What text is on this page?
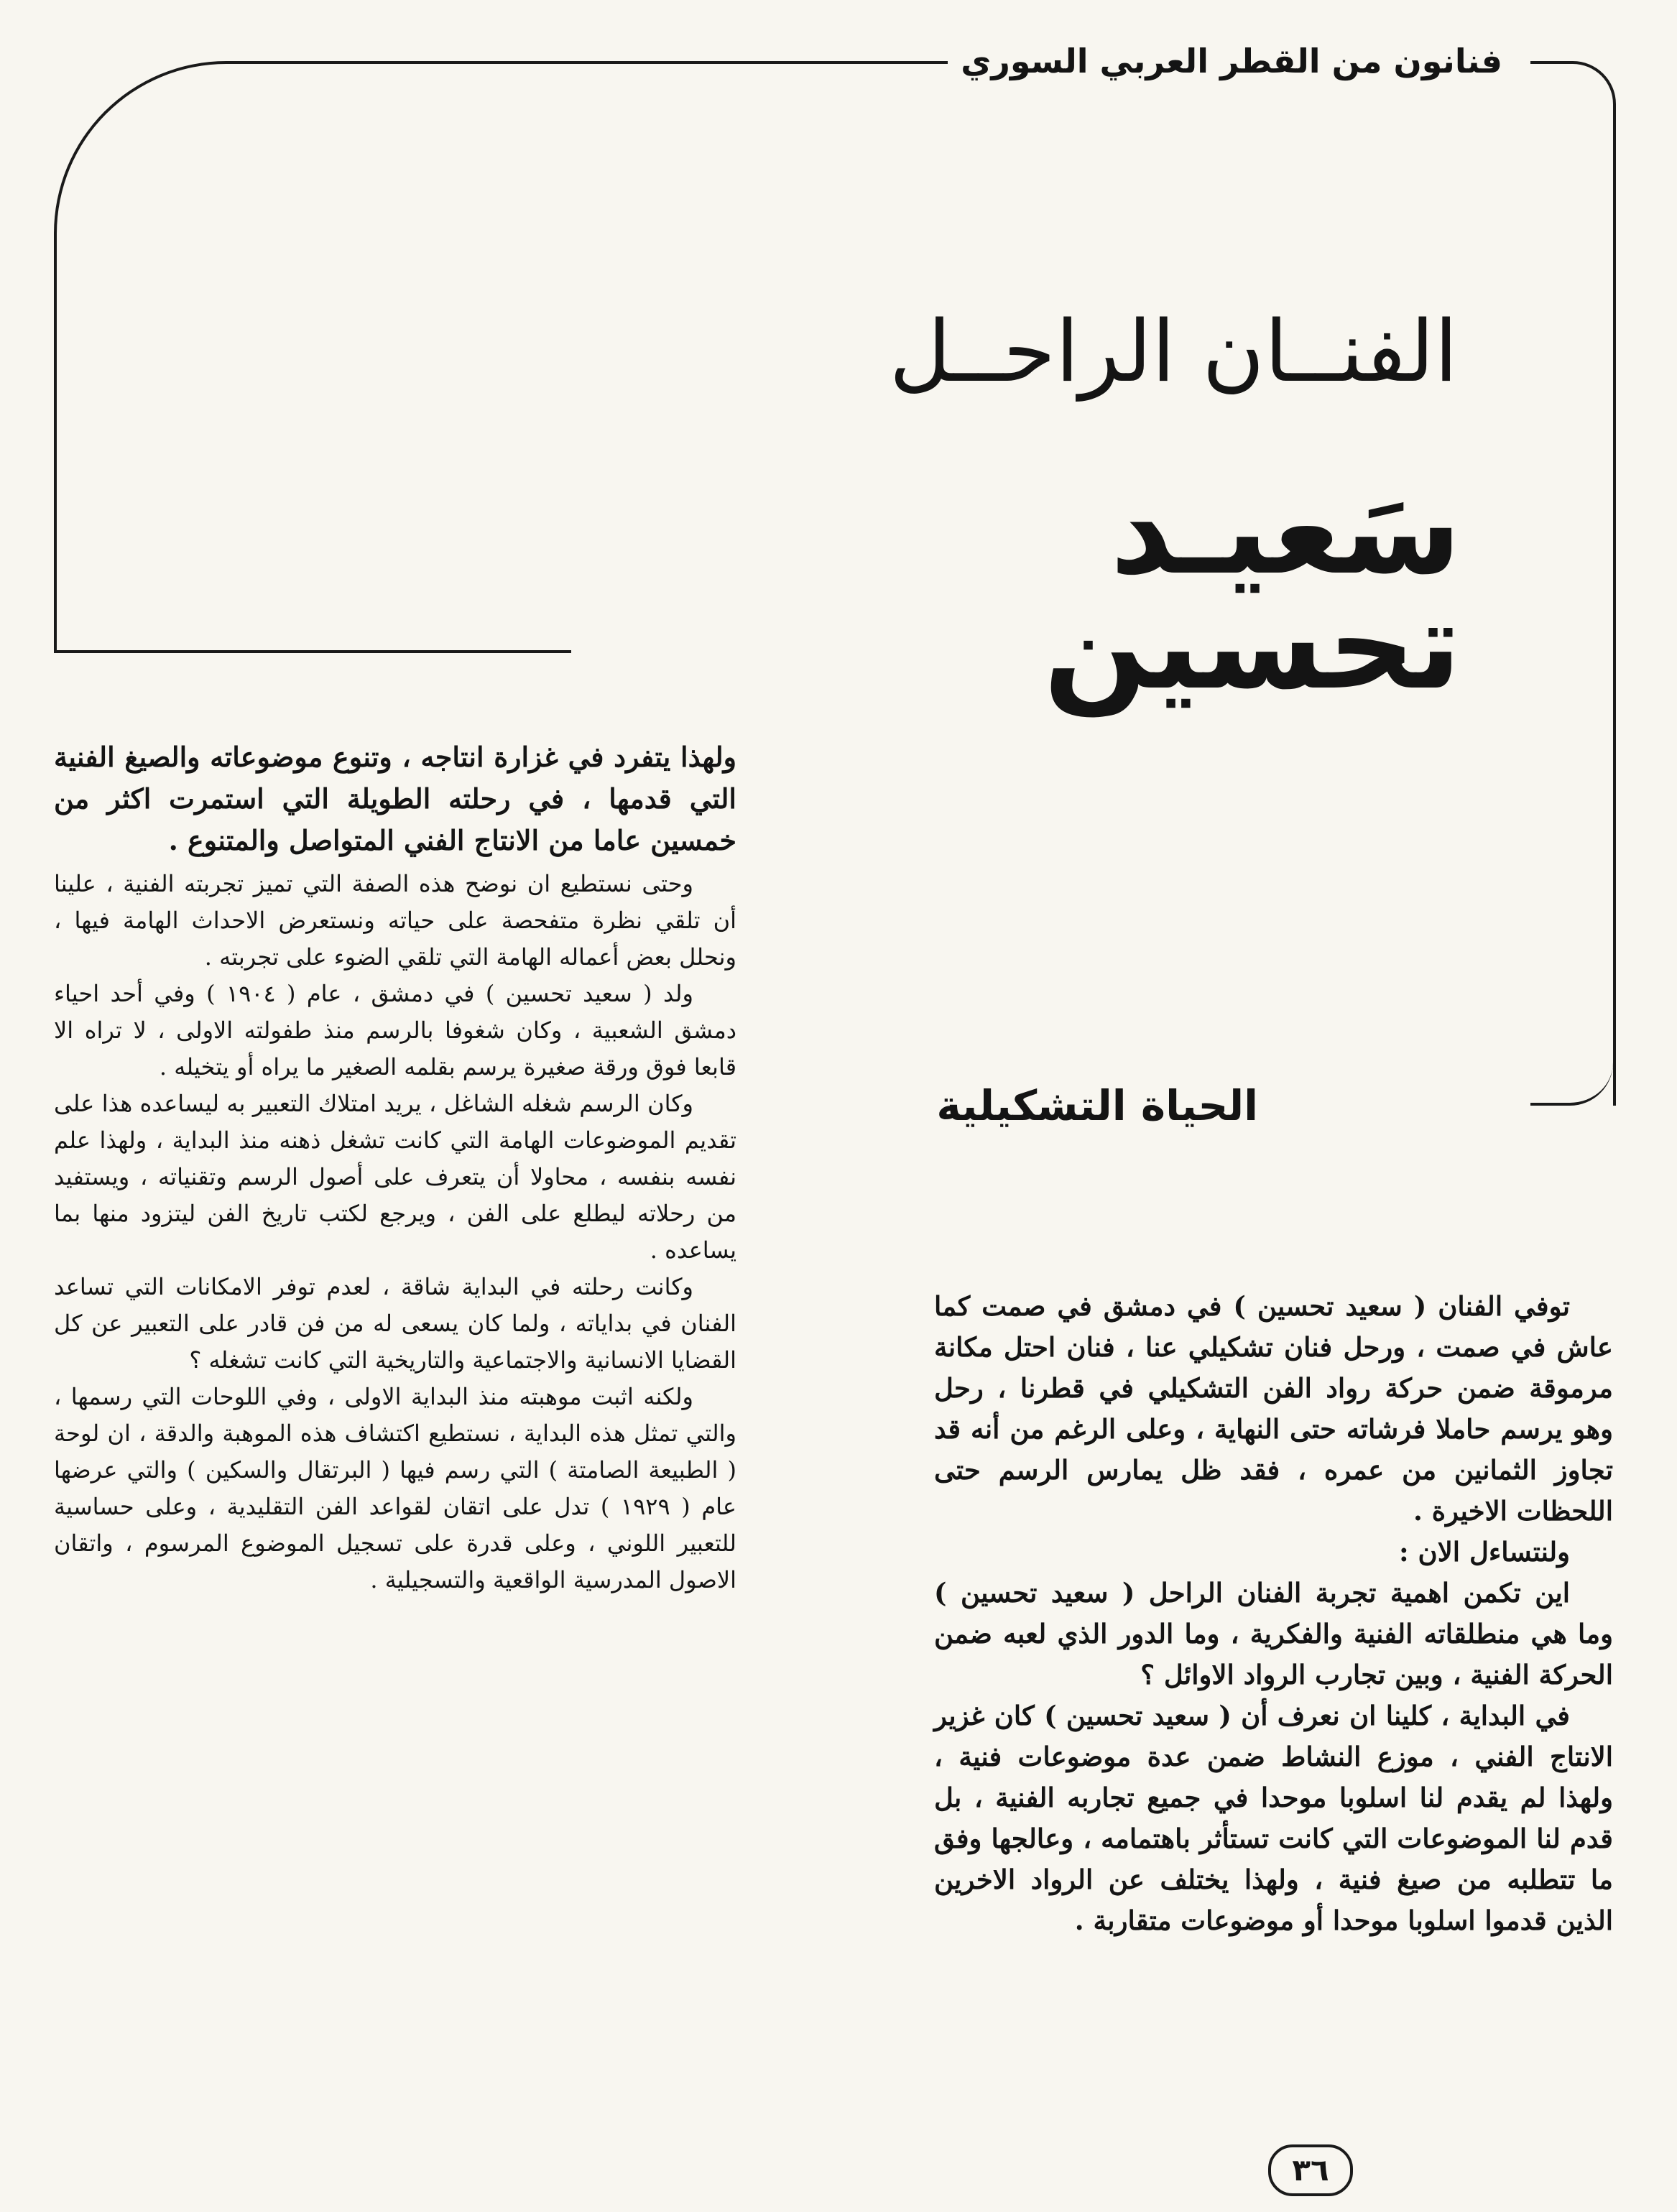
فنانون من القطر العربي السوري
الفنــان الراحــل
سَعيـد
تحسين
الحياة التشكيلية

ولهذا يتفرد في غزارة انتاجه ، وتنوع موضوعاته والصيغ الفنية التي قدمها ، في رحلته الطويلة التي استمرت اكثر من خمسين عاما من الانتاج الفني المتواصل والمتنوع .

وحتى نستطيع ان نوضح هذه الصفة التي تميز تجربته الفنية ، علينا أن تلقي نظرة متفحصة على حياته ونستعرض الاحداث الهامة فيها ، ونحلل بعض أعماله الهامة التي تلقي الضوء على تجربته .

ولد ( سعيد تحسين ) في دمشق ، عام ( ١٩٠٤ ) وفي أحد احياء دمشق الشعبية ، وكان شغوفا بالرسم منذ طفولته الاولى ، لا تراه الا قابعا فوق ورقة صغيرة يرسم بقلمه الصغير ما يراه أو يتخيله .

وكان الرسم شغله الشاغل ، يريد امتلاك التعبير به ليساعده هذا على تقديم الموضوعات الهامة التي كانت تشغل ذهنه منذ البداية ، ولهذا علم نفسه بنفسه ، محاولا أن يتعرف على أصول الرسم وتقنياته ، ويستفيد من رحلاته ليطلع على الفن ، ويرجع لكتب تاريخ الفن ليتزود منها بما يساعده .

وكانت رحلته في البداية شاقة ، لعدم توفر الامكانات التي تساعد الفنان في بداياته ، ولما كان يسعى له من فن قادر على التعبير عن كل القضايا الانسانية والاجتماعية والتاريخية التي كانت تشغله ؟

ولكنه اثبت موهبته منذ البداية الاولى ، وفي اللوحات التي رسمها ، والتي تمثل هذه البداية ، نستطيع اكتشاف هذه الموهبة والدقة ، ان لوحة ( الطبيعة الصامتة ) التي رسم فيها ( البرتقال والسكين ) والتي عرضها عام ( ١٩٢٩ ) تدل على اتقان لقواعد الفن التقليدية ، وعلى حساسية للتعبير اللوني ، وعلى قدرة على تسجيل الموضوع المرسوم ، واتقان الاصول المدرسية الواقعية والتسجيلية .

توفي الفنان ( سعيد تحسين ) في دمشق في صمت كما عاش في صمت ، ورحل فنان تشكيلي عنا ، فنان احتل مكانة مرموقة ضمن حركة رواد الفن التشكيلي في قطرنا ، رحل وهو يرسم حاملا فرشاته حتى النهاية ، وعلى الرغم من أنه قد تجاوز الثمانين من عمره ، فقد ظل يمارس الرسم حتى اللحظات الاخيرة .

ولنتساءل الان :

اين تكمن اهمية تجربة الفنان الراحل ( سعيد تحسين ) وما هي منطلقاته الفنية والفكرية ، وما الدور الذي لعبه ضمن الحركة الفنية ، وبين تجارب الرواد الاوائل ؟

في البداية ، كلينا ان نعرف أن ( سعيد تحسين ) كان غزير الانتاج الفني ، موزع النشاط ضمن عدة موضوعات فنية ، ولهذا لم يقدم لنا اسلوبا موحدا في جميع تجاربه الفنية ، بل قدم لنا الموضوعات التي كانت تستأثر باهتمامه ، وعالجها وفق ما تتطلبه من صيغ فنية ، ولهذا يختلف عن الرواد الاخرين الذين قدموا اسلوبا موحدا أو موضوعات متقاربة .

٣٦
